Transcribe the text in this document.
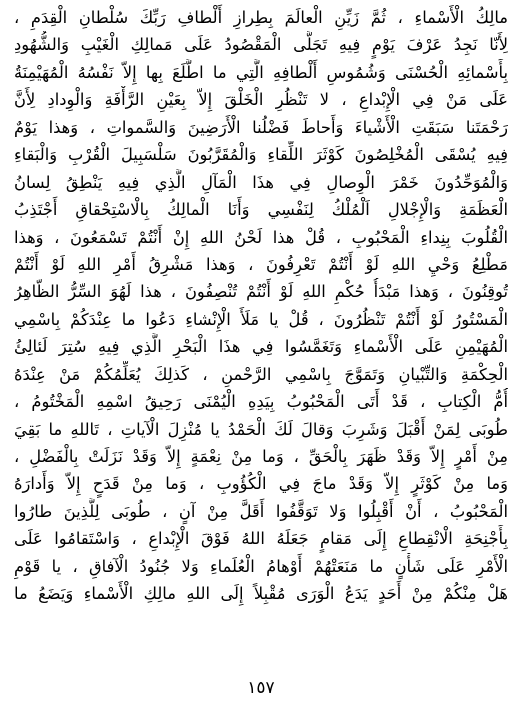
مالِكُ الْأَسْماءِ ، ثُمَّ زَيِّنِ الْعالَمَ بِطِرازِ أَلْطافِ رَبِّكَ سُلْطانِ الْقِدَمِ ،
لِأَنّا نَجِدُ عَرْفَ يَوْمٍ فِيهِ تَجَلَّى الْمَقْصُودُ عَلَى مَمالِكِ الْغَيْبِ وَالشُّهُودِ
بِأَسْمائِهِ الْحُسْنَى وَشُمُوسِ أَلْطافِهِ الَّتِي ما اطَّلَعَ بِها إِلاّ نَفْسُهُ الْمُهَيْمِنَةُ
عَلَى مَنْ فِي الْإِبْداعِ ، لا تَنْظُرِ الْخَلْقَ إِلاّ بِعَيْنِ الرَّأْفَةِ وَالْوِدادِ لِأَنَّ
رَحْمَتَنا سَبَقَتِ الْأَشْياءَ وَأَحاطَ فَضْلُنا الْأَرَضِينَ وَالسَّمواتِ ، وَهذا يَوْمٌ
فِيهِ يُسْقَى الْمُخْلِصُونَ كَوْثَرَ اللِّقاءِ وَالْمُقَرَّبُونَ سَلْسَبِيلَ الْقُرْبِ وَالْبَقاءِ
وَالْمُوَحِّدُونَ خَمْرَ الْوِصالِ فِي هذَا الْمَآلِ الَّذِي فِيهِ يَنْطِقُ لِسانُ
الْعَظَمَةِ وَالْإِجْلالِ اَلْمُلْكُ لِنَفْسِي وَأَنَا الْمالِكُ بِالْاسْتِحْقاقِ أَجْتَذِبُ
الْقُلُوبَ بِنِداءِ الْمَحْبُوبِ ، قُلْ هذا لَحْنُ اللهِ إِنْ أَنْتُمْ تَسْمَعُونَ ، وَهذا
مَطْلِعُ وَحْيِ اللهِ لَوْ أَنْتُمْ تَعْرِفُونَ ، وَهذا مَشْرِقُ أَمْرِ اللهِ لَوْ أَنْتُمْ
تُوقِنُونَ ، وَهذا مَبْدَأُ حُكْمِ اللهِ لَوْ أَنْتُمْ تُنْصِفُونَ ، هذا لَهُوَ السِّرُّ الظّاهِرُ
الْمَسْتُورُ لَوْ أَنْتُمْ تَنْظُرُونَ ، قُلْ يا مَلَأَ الْإِنْشاءِ دَعُوا ما عِنْدَكُمْ بِاسْمِي
الْمُهَيْمِنِ عَلَى الْأَسْماءِ وَتَغَمَّسُوا فِي هذَا الْبَحْرِ الَّذِي فِيهِ سُتِرَ لَئالِئُ
الْحِكْمَةِ وَالتِّبْيانِ وَتَمَوَّجَ بِاسْمِي الرَّحْمنِ ، كَذلِكَ يُعَلِّمُكُمْ مَنْ عِنْدَهُ
أُمُّ الْكِتابِ ، قَدْ أَتَى الْمَحْبُوبُ بِيَدِهِ الْيُمْنَى رَحِيقُ اسْمِهِ الْمَخْتُومُ ،
طُوبَى لِمَنْ أَقْبَلَ وَشَرِبَ وَقالَ لَكَ الْحَمْدُ يا مُنْزِلَ الْآياتِ ، تَاللهِ ما بَقِيَ
مِنْ أَمْرٍ إِلاّ وَقَدْ ظَهَرَ بِالْحَقِّ ، وَما مِنْ نِعْمَةٍ إِلاّ وَقَدْ نَزَلَتْ بِالْفَضْلِ ،
وَما مِنْ كَوْثَرٍ إِلاّ وَقَدْ ماجَ فِي الْكُؤُوبِ ، وَما مِنْ قَدَحٍ إِلاّ وَأَدارَهُ
الْمَحْبُوبُ ، أَنْ أَقْبِلُوا وَلا تَوَقَّفُوا أَقَلَّ مِنْ آنٍ ، طُوبَى لِلَّذِينَ طارُوا
بِأَجْنِحَةِ الْانْقِطاعِ إِلَى مَقامٍ جَعَلَهُ اللهُ فَوْقَ الْإِبْداعِ ، وَاسْتَقامُوا عَلَى
الْأَمْرِ عَلَى شَأْنٍ ما مَنَعَتْهُمْ أَوْهامُ الْعُلَماءِ وَلا جُنُودُ الْآفاقِ ، يا قَوْمِ
هَلْ مِنْكُمْ مِنْ أَحَدٍ يَدَعُ الْوَرَى مُقْبِلاً إِلَى اللهِ مالِكِ الْأَسْماءِ وَيَضَعُ ما
١٥٧
